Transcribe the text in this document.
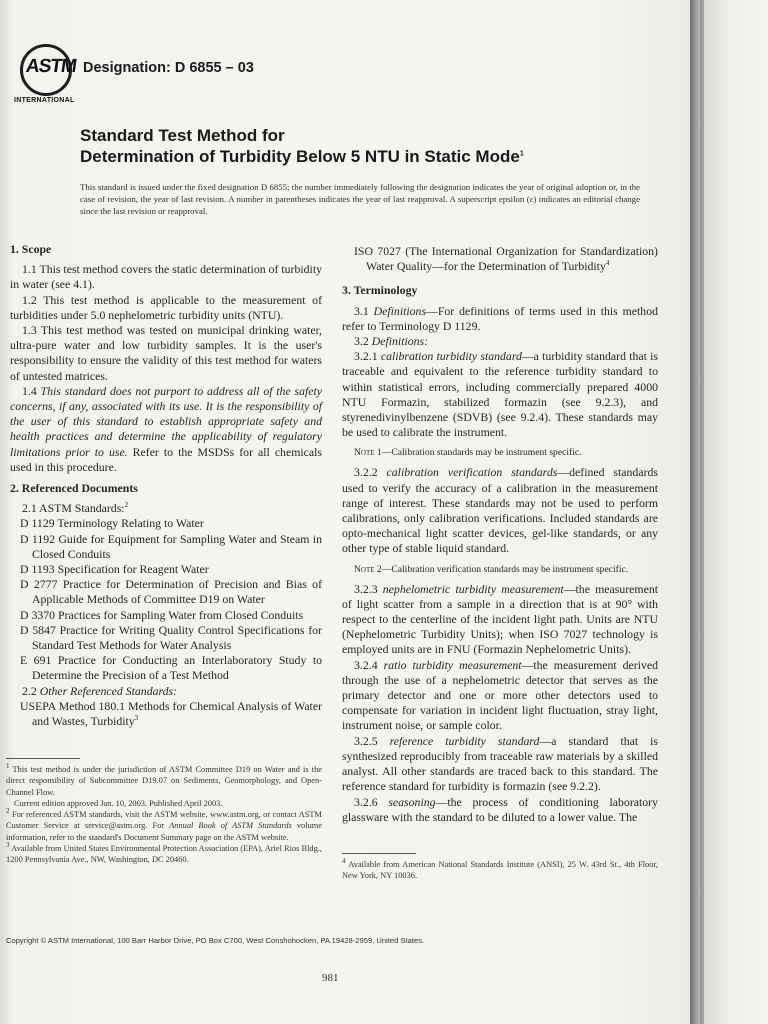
ASTM
INTERNATIONAL
Designation: D 6855 – 03
Standard Test Method for
Determination of Turbidity Below 5 NTU in Static Mode$^1$
This standard is issued under the fixed designation D 6855; the number immediately following the designation indicates the year of original adoption or, in the case of revision, the year of last revision. A number in parentheses indicates the year of last reapproval. A superscript epsilon (ε) indicates an editorial change since the last revision or reapproval.
1. Scope

1.1 This test method covers the static determination of turbidity in water (see 4.1).

1.2 This test method is applicable to the measurement of turbidities under 5.0 nephelometric turbidity units (NTU).

1.3 This test method was tested on municipal drinking water, ultra-pure water and low turbidity samples. It is the user's responsibility to ensure the validity of this test method for waters of untested matrices.

1.4 This standard does not purport to address all of the safety concerns, if any, associated with its use. It is the responsibility of the user of this standard to establish appropriate safety and health practices and determine the applicability of regulatory limitations prior to use. Refer to the MSDSs for all chemicals used in this procedure.

2. Referenced Documents

2.1 ASTM Standards:$^2$

D 1129 Terminology Relating to Water

D 1192 Guide for Equipment for Sampling Water and Steam in Closed Conduits

D 1193 Specification for Reagent Water

D 2777 Practice for Determination of Precision and Bias of Applicable Methods of Committee D19 on Water

D 3370 Practices for Sampling Water from Closed Conduits

D 5847 Practice for Writing Quality Control Specifications for Standard Test Methods for Water Analysis

E 691 Practice for Conducting an Interlaboratory Study to Determine the Precision of a Test Method

2.2 Other Referenced Standards:

USEPA Method 180.1 Methods for Chemical Analysis of Water and Wastes, Turbidity$^3$

$^1$ This test method is under the jurisdiction of ASTM Committee D19 on Water and is the direct responsibility of Subcommittee D19.07 on Sediments, Geomorphology, and Open-Channel Flow.

Current edition approved Jan. 10, 2003. Published April 2003.

$^2$ For referenced ASTM standards, visit the ASTM website, www.astm.org, or contact ASTM Customer Service at service@astm.org. For Annual Book of ASTM Standards volume information, refer to the standard's Document Summary page on the ASTM website.

$^3$ Available from United States Environmental Protection Association (EPA), Ariel Rios Bldg., 1200 Pennsylvania Ave., NW, Washington, DC 20460.

ISO 7027 (The International Organization for Standardization) Water Quality—for the Determination of Turbidity$^4$

3. Terminology

3.1 Definitions—For definitions of terms used in this method refer to Terminology D 1129.

3.2 Definitions:

3.2.1 calibration turbidity standard—a turbidity standard that is traceable and equivalent to the reference turbidity standard to within statistical errors, including commercially prepared 4000 NTU Formazin, stabilized formazin (see 9.2.3), and styrenedivinylbenzene (SDVB) (see 9.2.4). These standards may be used to calibrate the instrument.

Note 1—Calibration standards may be instrument specific.

3.2.2 calibration verification standards—defined standards used to verify the accuracy of a calibration in the measurement range of interest. These standards may not be used to perform calibrations, only calibration verifications. Included standards are opto-mechanical light scatter devices, gel-like standards, or any other type of stable liquid standard.

Note 2—Calibration verification standards may be instrument specific.

3.2.3 nephelometric turbidity measurement—the measurement of light scatter from a sample in a direction that is at 90° with respect to the centerline of the incident light path. Units are NTU (Nephelometric Turbidity Units); when ISO 7027 technology is employed units are in FNU (Formazin Nephelometric Units).

3.2.4 ratio turbidity measurement—the measurement derived through the use of a nephelometric detector that serves as the primary detector and one or more other detectors used to compensate for variation in incident light fluctuation, stray light, instrument noise, or sample color.

3.2.5 reference turbidity standard—a standard that is synthesized reproducibly from traceable raw materials by a skilled analyst. All other standards are traced back to this standard. The reference standard for turbidity is formazin (see 9.2.2).

3.2.6 seasoning—the process of conditioning laboratory glassware with the standard to be diluted to a lower value. The

$^4$ Available from American National Standards Institute (ANSI), 25 W. 43rd St., 4th Floor, New York, NY 10036.

Copyright © ASTM International, 100 Barr Harbor Drive, PO Box C700, West Conshohocken, PA 19428-2959, United States.
981
